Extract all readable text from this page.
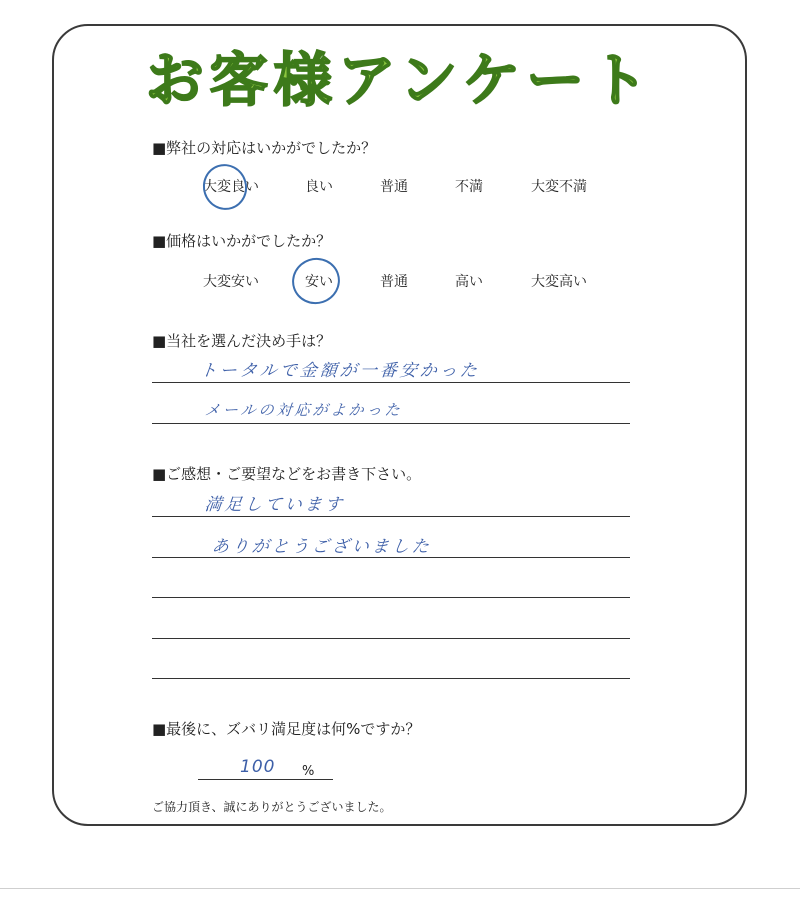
お客様アンケート
■弊社の対応はいかがでしたか？
大変良い	良い	普通	不満	大変不満
■価格はいかがでしたか？
大変安い	安い	普通	高い	大変高い
■当社を選んだ決め手は？
トータルで金額が一番安かった
メールの対応がよかった
■ご感想・ご要望などをお書き下さい。
満足しています
ありがとうございました
■最後に、ズバリ満足度は何%ですか？
100 %
ご協力頂き、誠にありがとうございました。
